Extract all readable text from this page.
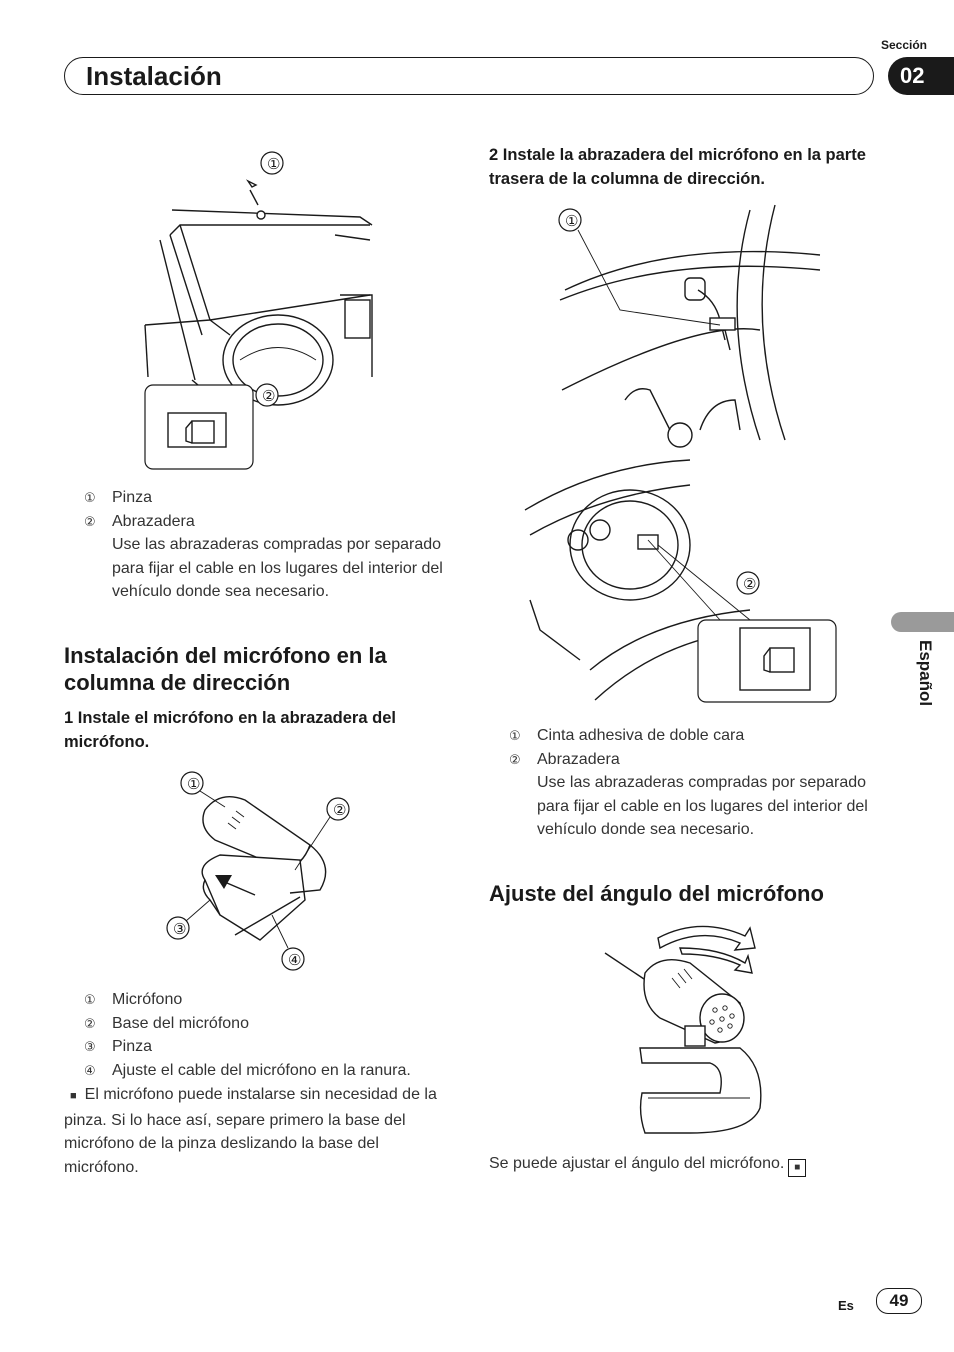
Sección
Instalación	02
Español
①
②
①	Pinza
②	Abrazadera
Use las abrazaderas compradas por separado para fijar el cable en los lugares del interior del vehículo donde sea necesario.
Instalación del micrófono en la columna de dirección
1 Instale el micrófono en la abrazadera del micrófono.
①
②
③
④
①	Micrófono
②	Base del micrófono
③	Pinza
④	Ajuste el cable del micrófono en la ranura.
■ El micrófono puede instalarse sin necesidad de la pinza. Si lo hace así, separe primero la base del micrófono de la pinza deslizando la base del micrófono.
2 Instale la abrazadera del micrófono en la parte trasera de la columna de dirección.
①
②
①	Cinta adhesiva de doble cara
②	Abrazadera
Use las abrazaderas compradas por separado para fijar el cable en los lugares del interior del vehículo donde sea necesario.
Ajuste del ángulo del micrófono
Se puede ajustar el ángulo del micrófono. ■
Es	49
